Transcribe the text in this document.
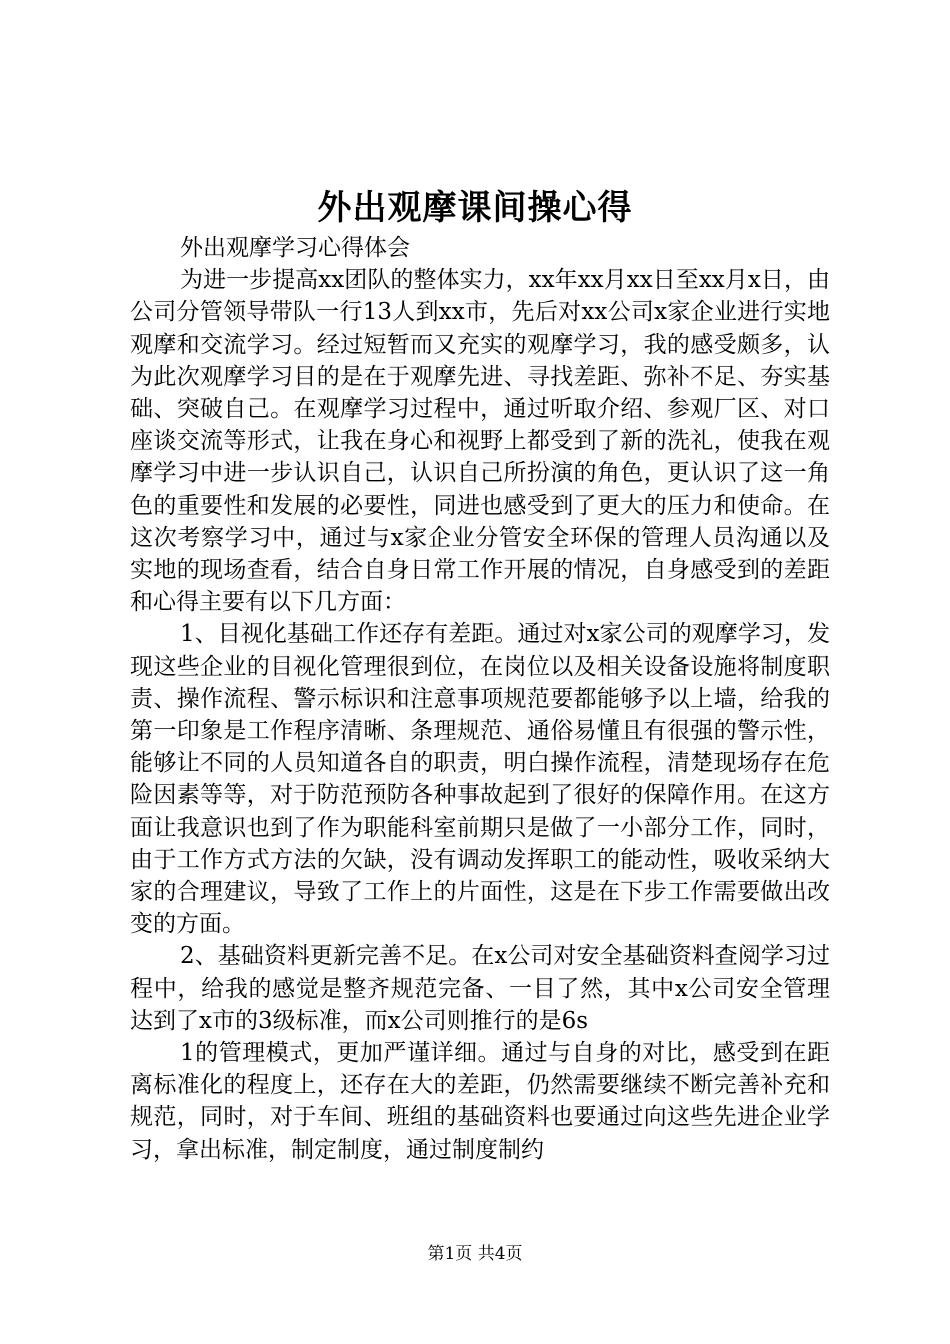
外出观摩课间操心得

外出观摩学习心得体会

为进一步提高xx团队的整体实力，xx年xx月xx日至xx月x日，由公司分管领导带队一行13人到xx市，先后对xx公司x家企业进行实地观摩和交流学习。经过短暂而又充实的观摩学习，我的感受颇多，认为此次观摩学习目的是在于观摩先进、寻找差距、弥补不足、夯实基础、突破自己。在观摩学习过程中，通过听取介绍、参观厂区、对口座谈交流等形式，让我在身心和视野上都受到了新的洗礼，使我在观摩学习中进一步认识自己，认识自己所扮演的角色，更认识了这一角色的重要性和发展的必要性，同进也感受到了更大的压力和使命。在这次考察学习中，通过与x家企业分管安全环保的管理人员沟通以及实地的现场查看，结合自身日常工作开展的情况，自身感受到的差距和心得主要有以下几方面：

1、目视化基础工作还存有差距。通过对x家公司的观摩学习，发现这些企业的目视化管理很到位，在岗位以及相关设备设施将制度职责、操作流程、警示标识和注意事项规范要都能够予以上墙，给我的第一印象是工作程序清晰、条理规范、通俗易懂且有很强的警示性，能够让不同的人员知道各自的职责，明白操作流程，清楚现场存在危险因素等等，对于防范预防各种事故起到了很好的保障作用。在这方面让我意识也到了作为职能科室前期只是做了一小部分工作，同时，由于工作方式方法的欠缺，没有调动发挥职工的能动性，吸收采纳大家的合理建议，导致了工作上的片面性，这是在下步工作需要做出改变的方面。

2、基础资料更新完善不足。在x公司对安全基础资料查阅学习过程中，给我的感觉是整齐规范完备、一目了然，其中x公司安全管理达到了x市的3级标准，而x公司则推行的是6s

1的管理模式，更加严谨详细。通过与自身的对比，感受到在距离标准化的程度上，还存在大的差距，仍然需要继续不断完善补充和规范，同时，对于车间、班组的基础资料也要通过向这些先进企业学习，拿出标准，制定制度，通过制度制约

第1页 共4页
